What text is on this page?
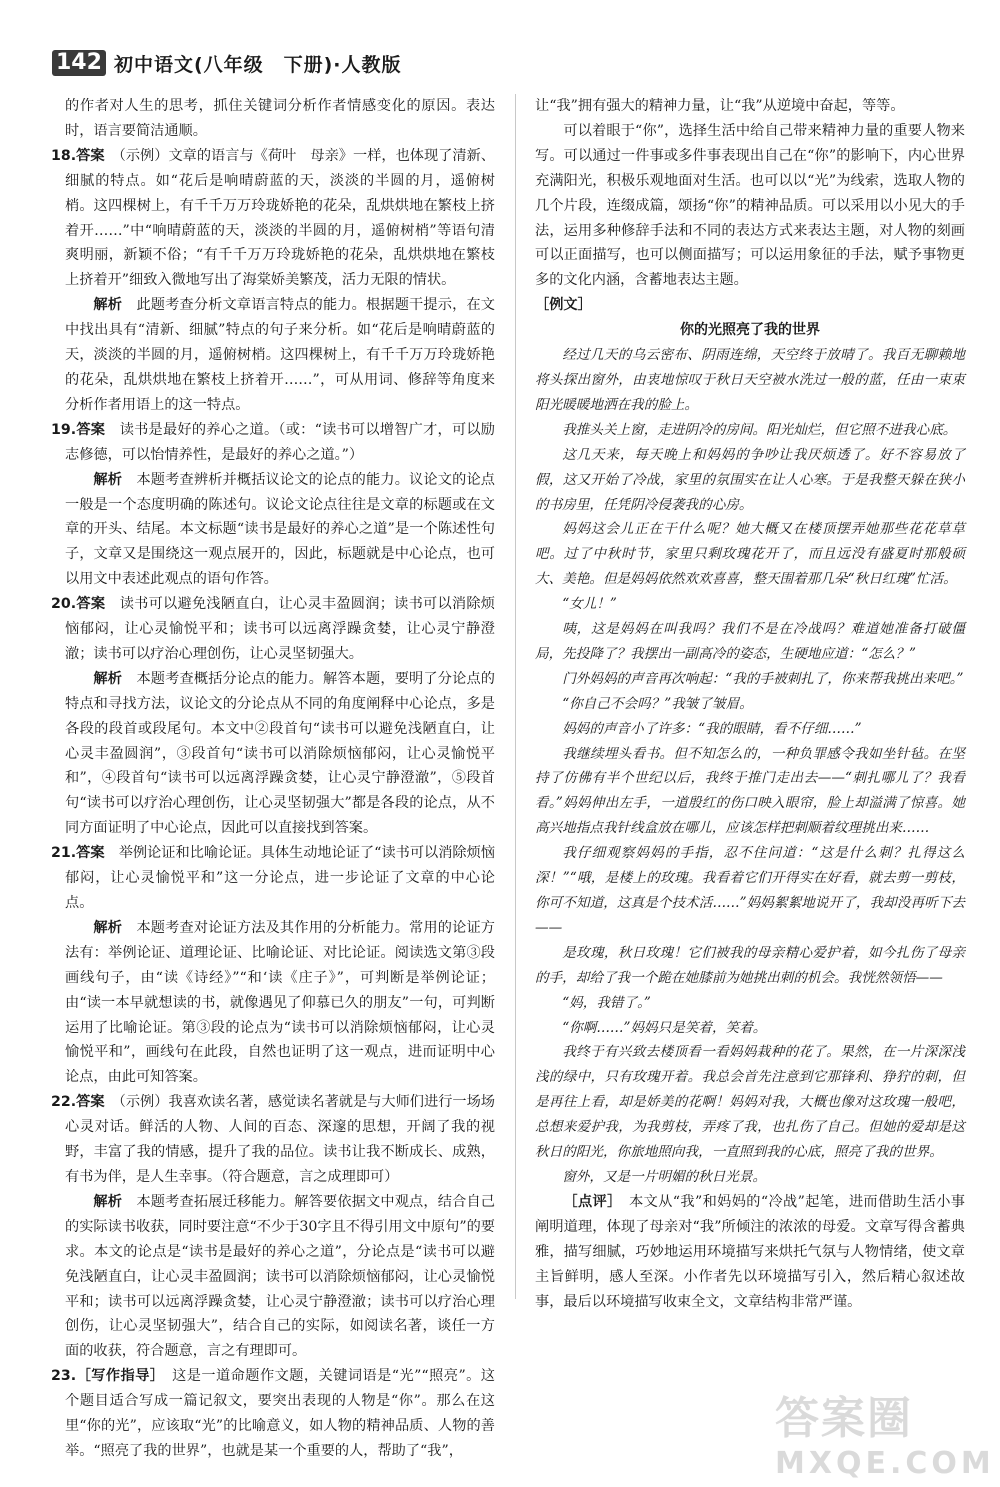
142 初中语文(八年级　下册)·人教版

的作者对人生的思考，抓住关键词分析作者情感变化的原因。表达时，语言要简洁通顺。

18.答案　 （示例）文章的语言与《荷叶　母亲》一样，也体现了清新、细腻的特点。如“花后是响晴蔚蓝的天，淡淡的半圆的月，遥俯树梢。这四棵树上，有千千万万玲珑娇艳的花朵，乱烘烘地在繁枝上挤着开……”中“响晴蔚蓝的天，淡淡的半圆的月，遥俯树梢”等语句清爽明丽，新颖不俗；“有千千万万玲珑娇艳的花朵，乱烘烘地在繁枝上挤着开”细致入微地写出了海棠娇美繁茂，活力无限的情状。

解析　 此题考查分析文章语言特点的能力。根据题干提示，在文中找出具有“清新、细腻”特点的句子来分析。如“花后是响晴蔚蓝的天，淡淡的半圆的月，遥俯树梢。这四棵树上，有千千万万玲珑娇艳的花朵，乱烘烘地在繁枝上挤着开……”，可从用词、修辞等角度来分析作者用语上的这一特点。

19.答案　 读书是最好的养心之道。（或：“读书可以增智广才，可以励志修德，可以怡情养性，是最好的养心之道。”）

解析　 本题考查辨析并概括议论文的论点的能力。议论文的论点一般是一个态度明确的陈述句。议论文论点往往是文章的标题或在文章的开头、结尾。本文标题“读书是最好的养心之道”是一个陈述性句子，文章又是围绕这一观点展开的，因此，标题就是中心论点，也可以用文中表述此观点的语句作答。

20.答案　 读书可以避免浅陋直白，让心灵丰盈圆润；读书可以消除烦恼郁闷，让心灵愉悦平和；读书可以远离浮躁贪婪，让心灵宁静澄澈；读书可以疗治心理创伤，让心灵坚韧强大。

解析　 本题考查概括分论点的能力。解答本题，要明了分论点的特点和寻找方法，议论文的分论点从不同的角度阐释中心论点，多是各段的段首或段尾句。本文中②段首句“读书可以避免浅陋直白，让心灵丰盈圆润”，③段首句“读书可以消除烦恼郁闷，让心灵愉悦平和”，④段首句“读书可以远离浮躁贪婪，让心灵宁静澄澈”，⑤段首句“读书可以疗治心理创伤，让心灵坚韧强大”都是各段的论点，从不同方面证明了中心论点，因此可以直接找到答案。

21.答案　 举例论证和比喻论证。具体生动地论证了“读书可以消除烦恼郁闷，让心灵愉悦平和”这一分论点，进一步论证了文章的中心论点。

解析　 本题考查对论证方法及其作用的分析能力。常用的论证方法有：举例论证、道理论证、比喻论证、对比论证。阅读选文第③段画线句子，由“读《诗经》”“和‘读《庄子》”，可判断是举例论证；由“读一本早就想读的书，就像遇见了仰慕已久的朋友”一句，可判断运用了比喻论证。第③段的论点为“读书可以消除烦恼郁闷，让心灵愉悦平和”，画线句在此段，自然也证明了这一观点，进而证明中心论点，由此可知答案。

22.答案　 （示例）我喜欢读名著，感觉读名著就是与大师们进行一场场心灵对话。鲜活的人物、人间的百态、深邃的思想，开阔了我的视野，丰富了我的情感，提升了我的品位。读书让我不断成长、成熟，有书为伴，是人生幸事。（符合题意，言之成理即可）

解析　 本题考查拓展迁移能力。解答要依据文中观点，结合自己的实际读书收获，同时要注意“不少于30字且不得引用文中原句”的要求。本文的论点是“读书是最好的养心之道”，分论点是“读书可以避免浅陋直白，让心灵丰盈圆润；读书可以消除烦恼郁闷，让心灵愉悦平和；读书可以远离浮躁贪婪，让心灵宁静澄澈；读书可以疗治心理创伤，让心灵坚韧强大”，结合自己的实际，如阅读名著，谈任一方面的收获，符合题意，言之有理即可。

23.［写作指导］　 这是一道命题作文题，关键词语是“光”“照亮”。这个题目适合写成一篇记叙文，要突出表现的人物是“你”。那么在这里“你的光”，应该取“光”的比喻意义，如人物的精神品质、人物的善举。“照亮了我的世界”，也就是某一个重要的人，帮助了“我”，

让“我”拥有强大的精神力量，让“我”从逆境中奋起，等等。

可以着眼于“你”，选择生活中给自己带来精神力量的重要人物来写。可以通过一件事或多件事表现出自己在“你”的影响下，内心世界充满阳光，积极乐观地面对生活。也可以以“光”为线索，选取人物的几个片段，连缀成篇，颂扬“你”的精神品质。可以采用以小见大的手法，运用多种修辞手法和不同的表达方式来表达主题，对人物的刻画可以正面描写，也可以侧面描写；可以运用象征的手法，赋予事物更多的文化内涵，含蓄地表达主题。

［例文］

你的光照亮了我的世界

经过几天的乌云密布、阴雨连绵，天空终于放晴了。我百无聊赖地将头探出窗外，由衷地惊叹于秋日天空被水洗过一般的蓝，任由一束束阳光暖暖地洒在我的脸上。

我推头关上窗，走进阴冷的房间。阳光灿烂，但它照不进我心底。

这几天来，每天晚上和妈妈的争吵让我厌烦透了。好不容易放了假，这又开始了冷战，家里的氛围实在让人心寒。于是我整天躲在狭小的书房里，任凭阴冷侵袭我的心房。

妈妈这会儿正在干什么呢？她大概又在楼顶摆弄她那些花花草草吧。过了中秋时节，家里只剩玫瑰花开了，而且远没有盛夏时那般硕大、美艳。但是妈妈依然欢欢喜喜，整天围着那几朵“秋日红瑰”忙活。

“女儿！”

咦，这是妈妈在叫我吗？我们不是在冷战吗？难道她准备打破僵局，先投降了？我摆出一副高冷的姿态，生硬地应道：“怎么？”

门外妈妈的声音再次响起：“我的手被刺扎了，你来帮我挑出来吧。”

“你自己不会吗？”我皱了皱眉。

妈妈的声音小了许多：“我的眼睛，看不仔细……”

我继续埋头看书。但不知怎么的，一种负罪感令我如坐针毡。在坚持了仿佛有半个世纪以后，我终于推门走出去——“刺扎哪儿了？我看看。”妈妈伸出左手，一道殷红的伤口映入眼帘，脸上却溢满了惊喜。她高兴地指点我针线盒放在哪儿，应该怎样把刺顺着纹理挑出来……

我仔细观察妈妈的手指，忍不住问道：“这是什么刺？扎得这么深！”“哦，是楼上的玫瑰。我看着它们开得实在好看，就去剪一剪枝，你可不知道，这真是个技术活……”妈妈絮絮地说开了，我却没再听下去——

是玫瑰，秋日玫瑰！它们被我的母亲精心爱护着，如今扎伤了母亲的手，却给了我一个跪在她膝前为她挑出刺的机会。我恍然领悟——

“妈，我错了。”

“你啊……”妈妈只是笑着，笑着。

我终于有兴致去楼顶看一看妈妈栽种的花了。果然，在一片深深浅浅的绿中，只有玫瑰开着。我总会首先注意到它那锋利、狰狞的刺，但是再往上看，却是娇美的花啊！妈妈对我，大概也像对这玫瑰一般吧，总想来爱护我，为我剪枝，弄疼了我，也扎伤了自己。但她的爱却是这秋日的阳光，你旅地照向我，一直照到我的心底，照亮了我的世界。

窗外，又是一片明媚的秋日光景。

［点评］　 本文从“我”和妈妈的“冷战”起笔，进而借助生活小事阐明道理，体现了母亲对“我”所倾注的浓浓的母爱。文章写得含蓄典雅，描写细腻，巧妙地运用环境描写来烘托气氛与人物情绪，使文章主旨鲜明，感人至深。小作者先以环境描写引入，然后精心叙述故事，最后以环境描写收束全文，文章结构非常严谨。

答案圈
MXQE.COM
